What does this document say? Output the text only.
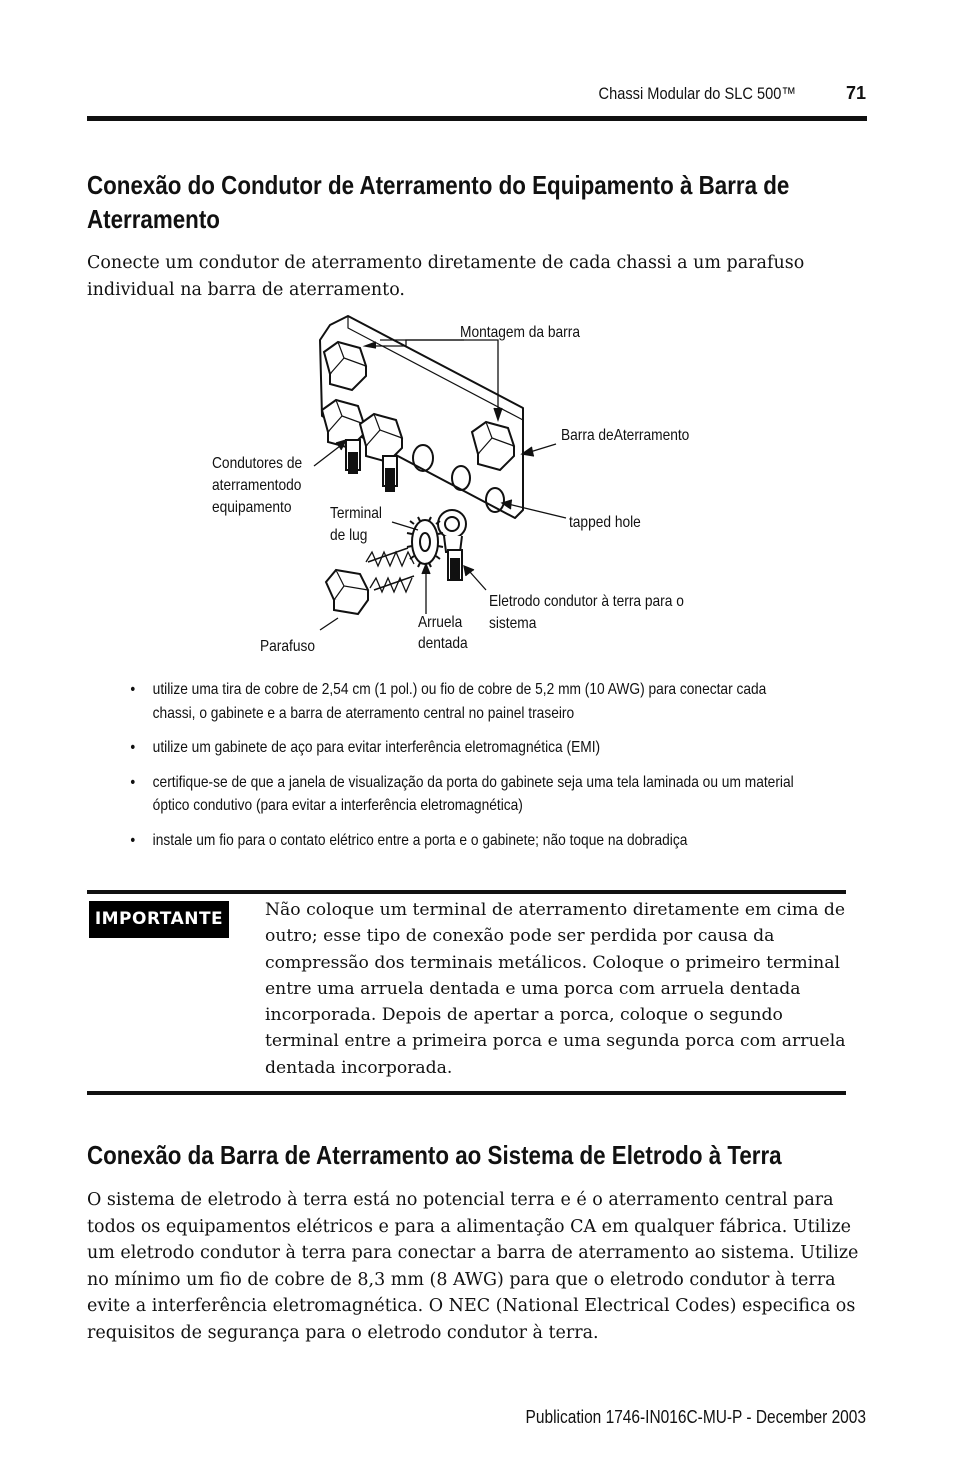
Chassi Modular do SLC 500™	71
Conexão do Condutor de Aterramento do Equipamento à Barra de Aterramento
Conecte um condutor de aterramento diretamente de cada chassi a um parafuso individual na barra de aterramento.
Montagem da barra
Barra deAterramento
Condutores de
aterramentodo
equipamento Terminal
de lug
tapped hole
Eletrodo condutor à terra para o
sistema
Arruela
dentada
Parafuso
• utilize uma tira de cobre de 2,54 cm (1 pol.) ou fio de cobre de 5,2 mm (10 AWG) para conectar cada chassi, o gabinete e a barra de aterramento central no painel traseiro
• utilize um gabinete de aço para evitar interferência eletromagnética (EMI)
• certifique-se de que a janela de visualização da porta do gabinete seja uma tela laminada ou um material óptico condutivo (para evitar a interferência eletromagnética)
• instale um fio para o contato elétrico entre a porta e o gabinete; não toque na dobradiça
IMPORTANTE	Não coloque um terminal de aterramento diretamente em cima de outro; esse tipo de conexão pode ser perdida por causa da compressão dos terminais metálicos. Coloque o primeiro terminal entre uma arruela dentada e uma porca com arruela dentada incorporada. Depois de apertar a porca, coloque o segundo terminal entre a primeira porca e uma segunda porca com arruela dentada incorporada.
Conexão da Barra de Aterramento ao Sistema de Eletrodo à Terra
O sistema de eletrodo à terra está no potencial terra e é o aterramento central para todos os equipamentos elétricos e para a alimentação CA em qualquer fábrica. Utilize um eletrodo condutor à terra para conectar a barra de aterramento ao sistema. Utilize no mínimo um fio de cobre de 8,3 mm (8 AWG) para que o eletrodo condutor à terra evite a interferência eletromagnética. O NEC (National Electrical Codes) especifica os requisitos de segurança para o eletrodo condutor à terra.
Publication 1746-IN016C-MU-P - December 2003
